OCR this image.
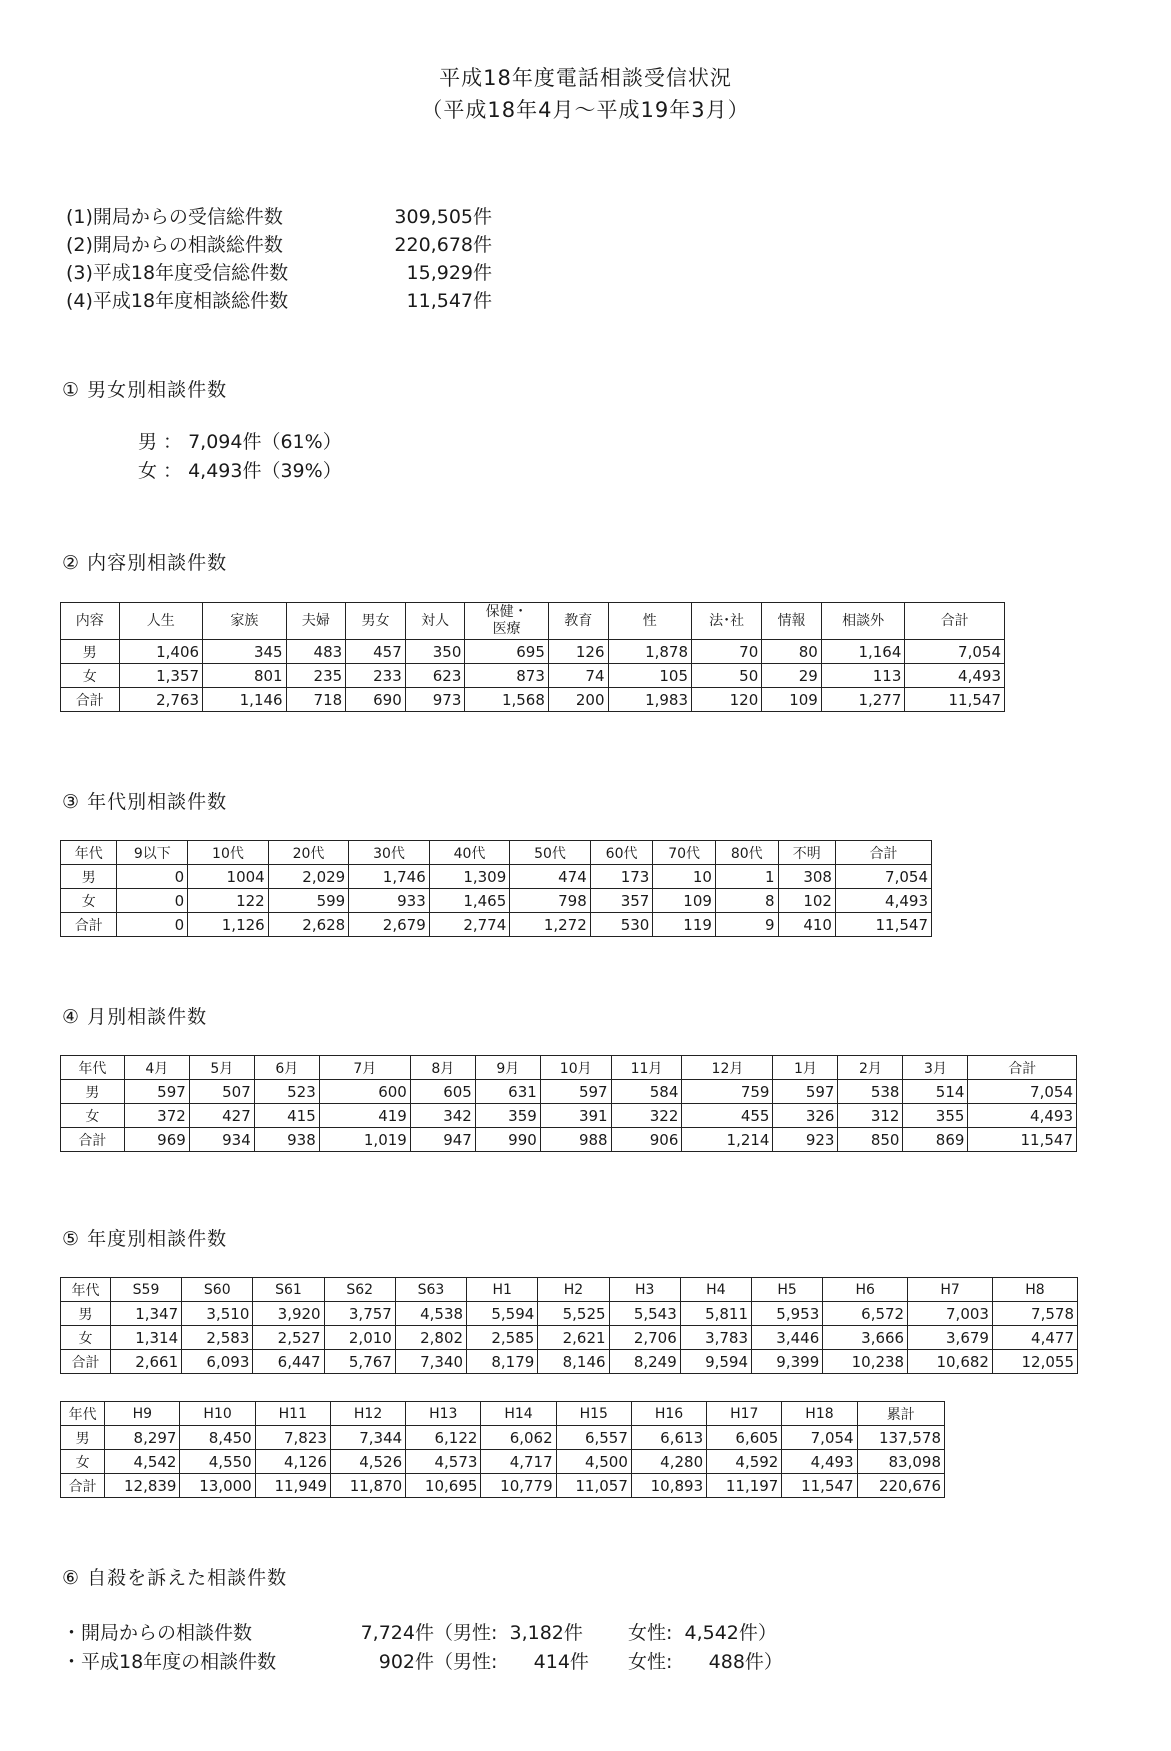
平成18年度電話相談受信状況
（平成18年4月～平成19年3月）
(1)開局からの受信総件数	309,505件
(2)開局からの相談総件数	220,678件
(3)平成18年度受信総件数	15,929件
(4)平成18年度相談総件数	11,547件
① 男女別相談件数
男 ： 7,094件（61%）
女 ： 4,493件（39%）
② 内容別相談件数
内容	人生	家族	夫婦	男女	対人	保健・
医療	教育	性	法･社	情報	相談外	合計
男	1,406	345	483	457	350	695	126	1,878	70	80	1,164	7,054
女	1,357	801	235	233	623	873	74	105	50	29	113	4,493
合計	2,763	1,146	718	690	973	1,568	200	1,983	120	109	1,277	11,547
③ 年代別相談件数
年代	9以下	10代	20代	30代	40代	50代	60代	70代	80代	不明	合計
男	0	1004	2,029	1,746	1,309	474	173	10	1	308	7,054
女	0	122	599	933	1,465	798	357	109	8	102	4,493
合計	0	1,126	2,628	2,679	2,774	1,272	530	119	9	410	11,547
④ 月別相談件数
年代	4月	5月	6月	7月	8月	9月	10月	11月	12月	1月	2月	3月	合計
男	597	507	523	600	605	631	597	584	759	597	538	514	7,054
女	372	427	415	419	342	359	391	322	455	326	312	355	4,493
合計	969	934	938	1,019	947	990	988	906	1,214	923	850	869	11,547
⑤ 年度別相談件数
年代	S59	S60	S61	S62	S63	H1	H2	H3	H4	H5	H6	H7	H8
男	1,347	3,510	3,920	3,757	4,538	5,594	5,525	5,543	5,811	5,953	6,572	7,003	7,578
女	1,314	2,583	2,527	2,010	2,802	2,585	2,621	2,706	3,783	3,446	3,666	3,679	4,477
合計	2,661	6,093	6,447	5,767	7,340	8,179	8,146	8,249	9,594	9,399	10,238	10,682	12,055
年代	H9	H10	H11	H12	H13	H14	H15	H16	H17	H18	累計
男	8,297	8,450	7,823	7,344	6,122	6,062	6,557	6,613	6,605	7,054	137,578
女	4,542	4,550	4,126	4,526	4,573	4,717	4,500	4,280	4,592	4,493	83,098
合計	12,839	13,000	11,949	11,870	10,695	10,779	11,057	10,893	11,197	11,547	220,676
⑥ 自殺を訴えた相談件数
・開局からの相談件数	7,724件（男性:  3,182件 女性:  4,542件）
・平成18年度の相談件数	902件（男性:      414件 女性:      488件）
